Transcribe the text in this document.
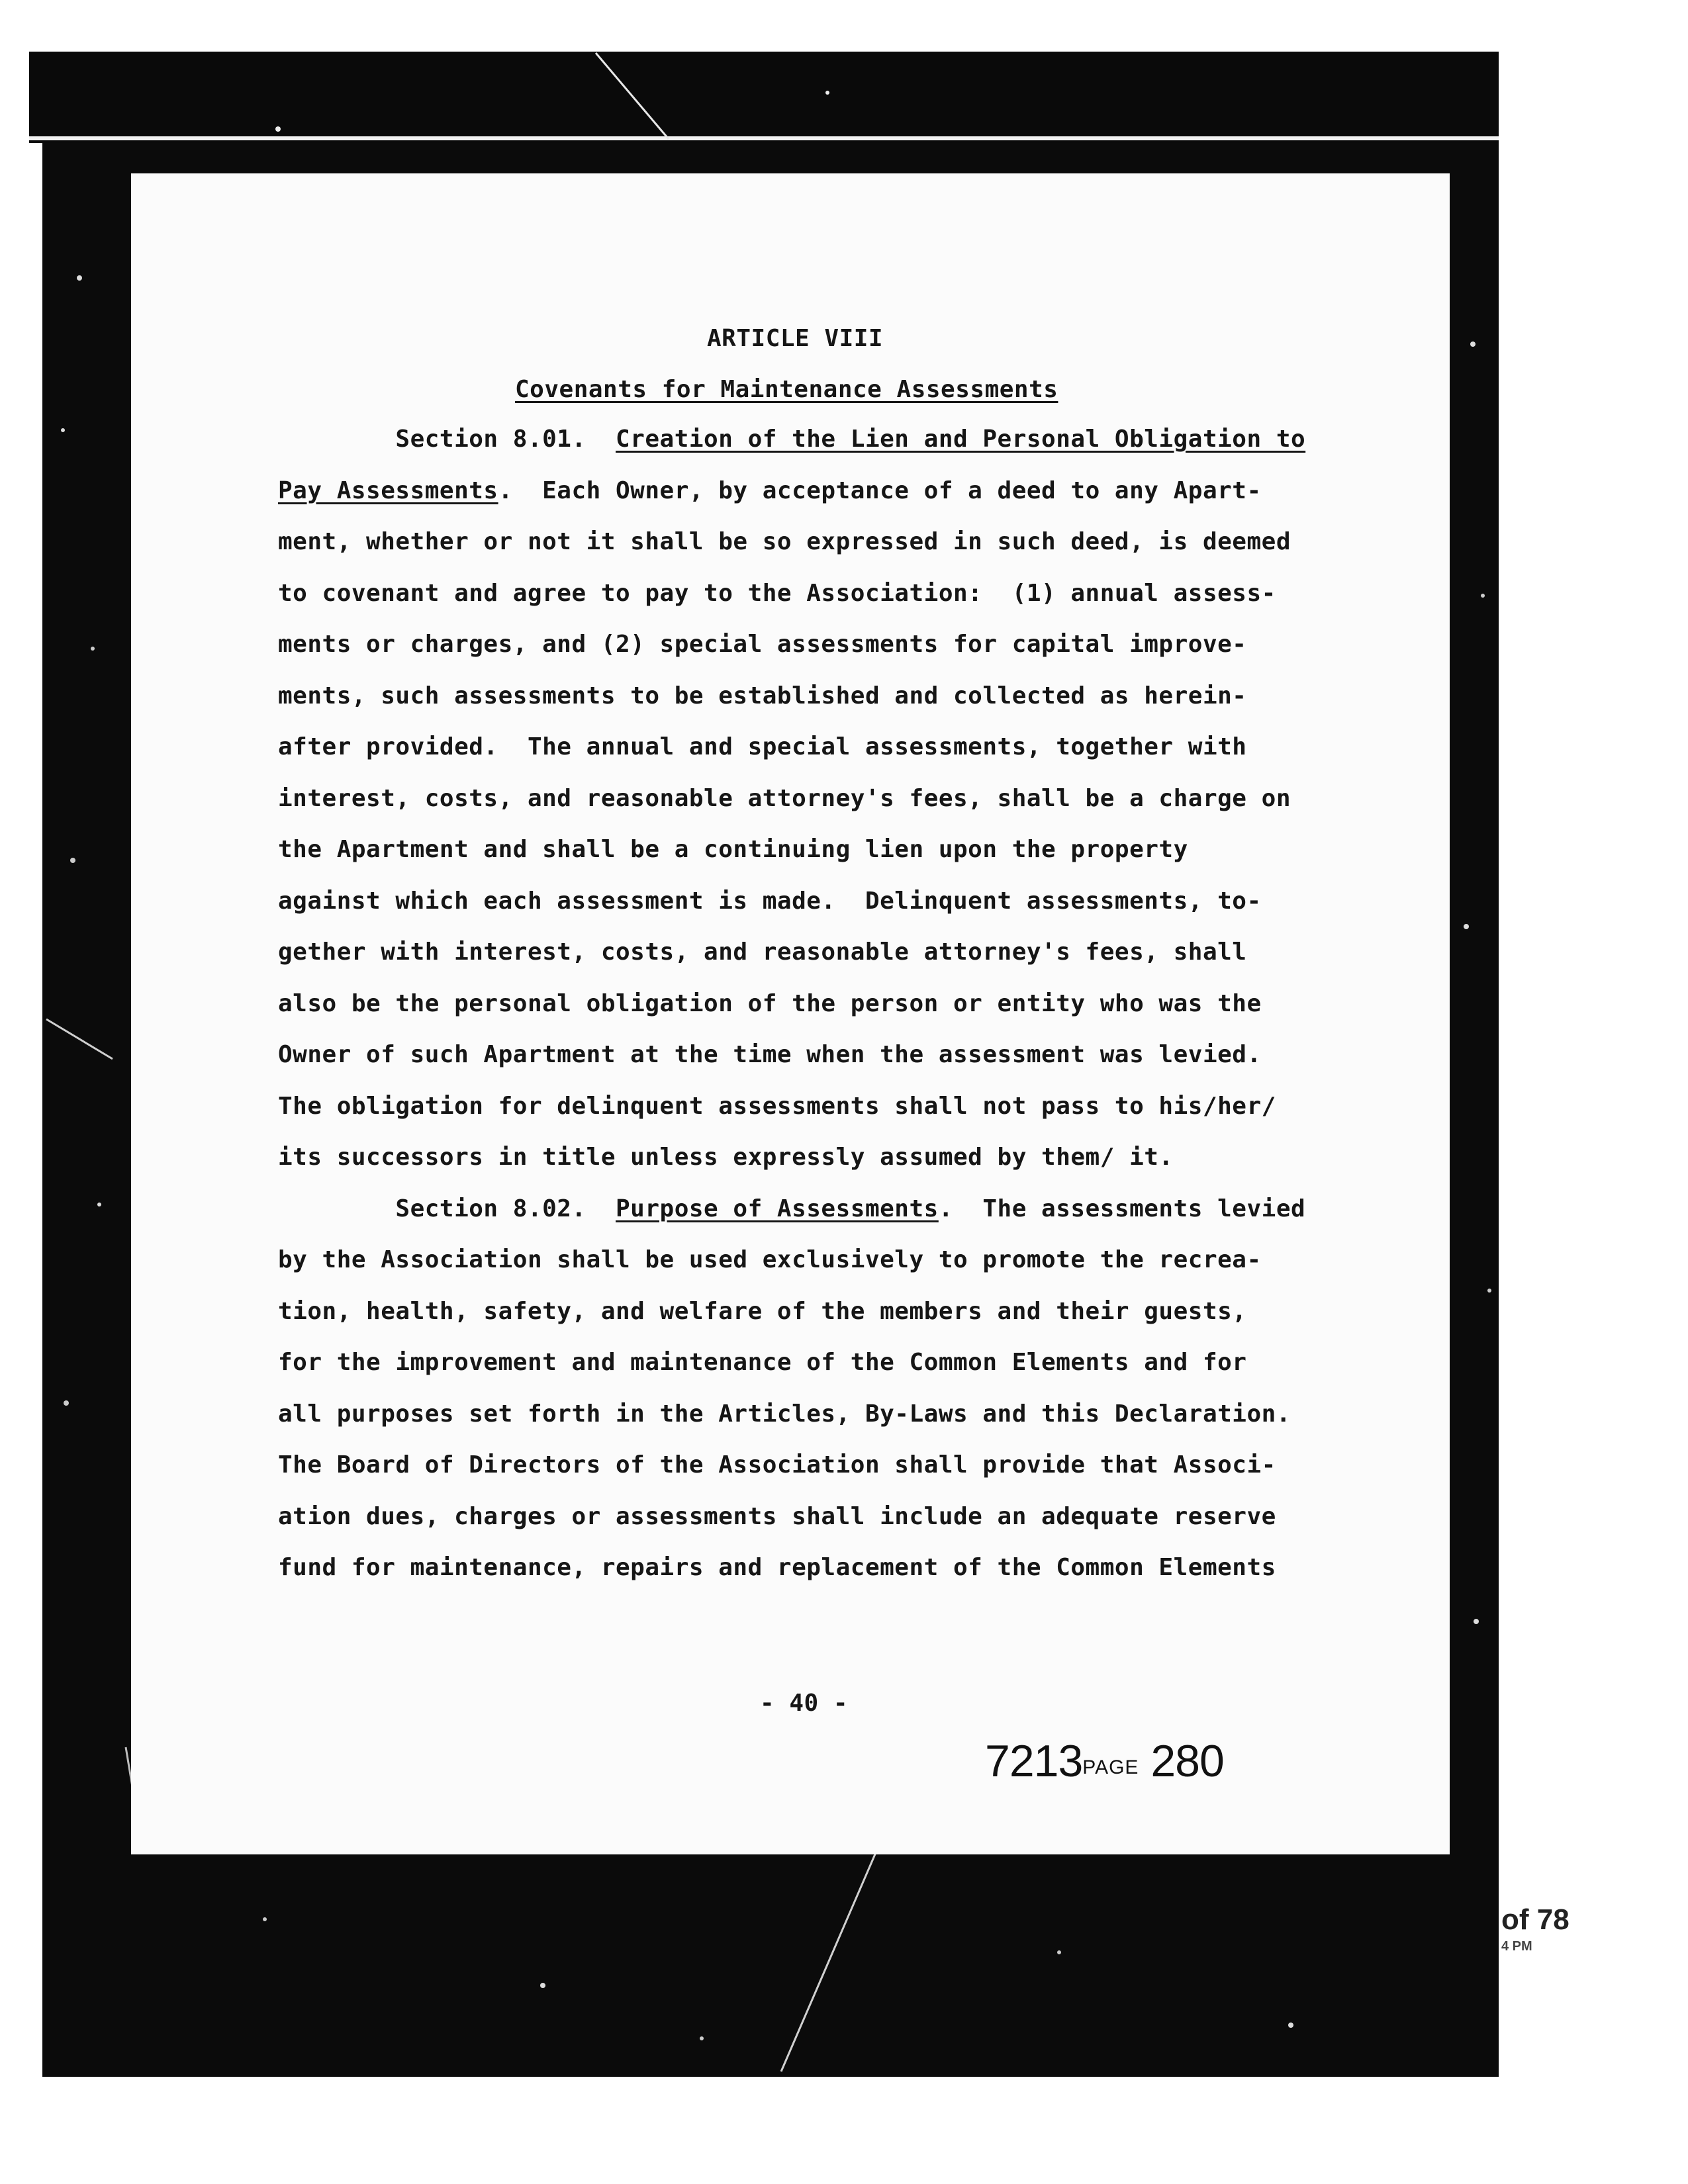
ARTICLE VIII
Covenants for Maintenance Assessments
Section 8.01.  Creation of the Lien and Personal Obligation to
Pay Assessments.  Each Owner, by acceptance of a deed to any Apart-
ment, whether or not it shall be so expressed in such deed, is deemed
to covenant and agree to pay to the Association:  (1) annual assess-
ments or charges, and (2) special assessments for capital improve-
ments, such assessments to be established and collected as herein-
after provided.  The annual and special assessments, together with
interest, costs, and reasonable attorney's fees, shall be a charge on
the Apartment and shall be a continuing lien upon the property
against which each assessment is made.  Delinquent assessments, to-
gether with interest, costs, and reasonable attorney's fees, shall
also be the personal obligation of the person or entity who was the
Owner of such Apartment at the time when the assessment was levied.
The obligation for delinquent assessments shall not pass to his/her/
its successors in title unless expressly assumed by them/ it.
Section 8.02.  Purpose of Assessments.  The assessments levied
by the Association shall be used exclusively to promote the recrea-
tion, health, safety, and welfare of the members and their guests,
for the improvement and maintenance of the Common Elements and for
all purposes set forth in the Articles, By-Laws and this Declaration.
The Board of Directors of the Association shall provide that Associ-
ation dues, charges or assessments shall include an adequate reserve
fund for maintenance, repairs and replacement of the Common Elements
- 40 -
7213PAGE 280
of 78
4 PM
